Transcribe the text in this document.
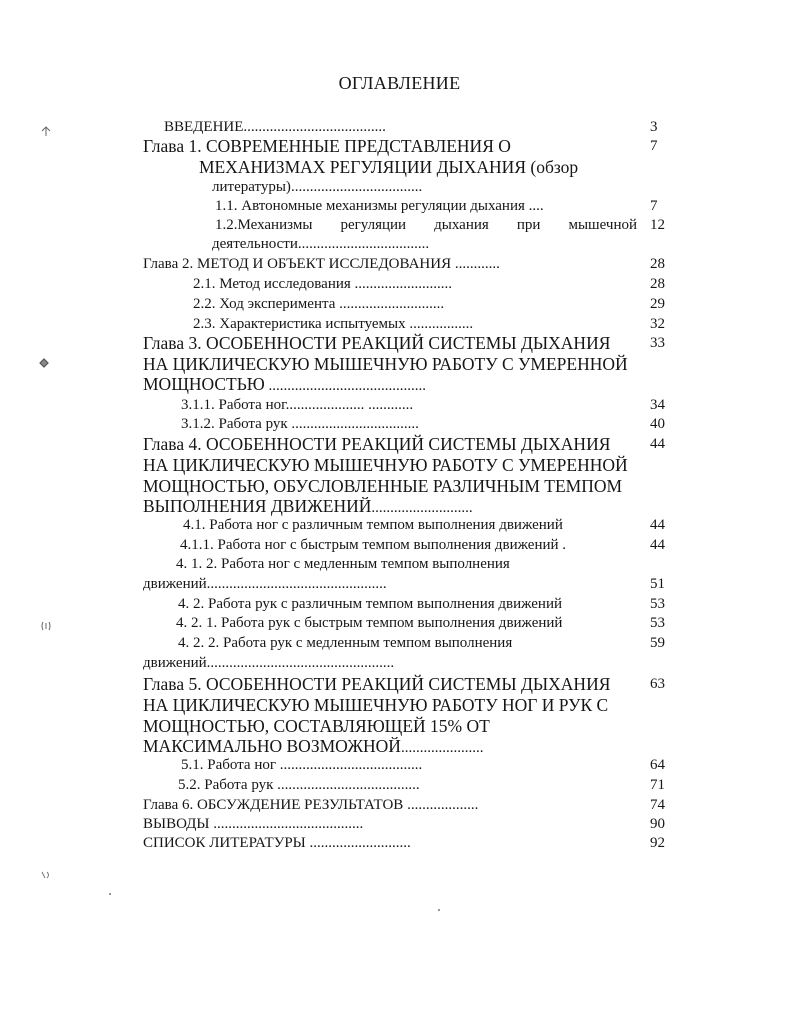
ОГЛАВЛЕНИЕ
ВВЕДЕНИЕ......................................	3
Глава 1. СОВРЕМЕННЫЕ ПРЕДСТАВЛЕНИЯ О	7
МЕХАНИЗМАХ РЕГУЛЯЦИИ ДЫХАНИЯ (обзор
литературы)...................................
1.1. Автономные механизмы регуляции дыхания ....	7
1.2.Механизмы регуляции дыхания при мышечной 12
деятельности...................................
Глава 2. МЕТОД И ОБЪЕКТ ИССЛЕДОВАНИЯ ............	28
2.1. Метод исследования ..........................	28
2.2. Ход эксперимента ............................	29
2.3. Характеристика испытуемых .................	32
Глава 3. ОСОБЕННОСТИ РЕАКЦИЙ СИСТЕМЫ ДЫХАНИЯ	33
НА ЦИКЛИЧЕСКУЮ МЫШЕЧНУЮ РАБОТУ С УМЕРЕННОЙ
МОЩНОСТЬЮ ..........................................
3.1.1. Работа ног..................... ............	34
3.1.2. Работа рук ..................................	40
Глава 4. ОСОБЕННОСТИ РЕАКЦИЙ СИСТЕМЫ ДЫХАНИЯ	44
НА ЦИКЛИЧЕСКУЮ МЫШЕЧНУЮ РАБОТУ С УМЕРЕННОЙ
МОЩНОСТЬЮ, ОБУСЛОВЛЕННЫЕ РАЗЛИЧНЫМ ТЕМПОМ
ВЫПОЛНЕНИЯ ДВИЖЕНИЙ...........................
4.1. Работа ног с различным темпом выполнения движений	44
4.1.1. Работа ног с быстрым темпом выполнения движений .	44
4. 1. 2. Работа ног с медленным темпом выполнения
движений................................................	51
4. 2. Работа рук с различным темпом выполнения движений	53
4. 2. 1. Работа рук с быстрым темпом выполнения движений	53
4. 2. 2. Работа рук с медленным темпом выполнения	59
движений..................................................
Глава 5. ОСОБЕННОСТИ РЕАКЦИЙ СИСТЕМЫ ДЫХАНИЯ	63
НА ЦИКЛИЧЕСКУЮ МЫШЕЧНУЮ РАБОТУ НОГ И РУК С
МОЩНОСТЬЮ, СОСТАВЛЯЮЩЕЙ 15% ОТ
МАКСИМАЛЬНО ВОЗМОЖНОЙ......................
5.1. Работа ног ......................................	64
5.2. Работа рук ......................................	71
Глава 6. ОБСУЖДЕНИЕ РЕЗУЛЬТАТОВ ...................	74
ВЫВОДЫ ........................................	90
СПИСОК ЛИТЕРАТУРЫ ...........................	92
